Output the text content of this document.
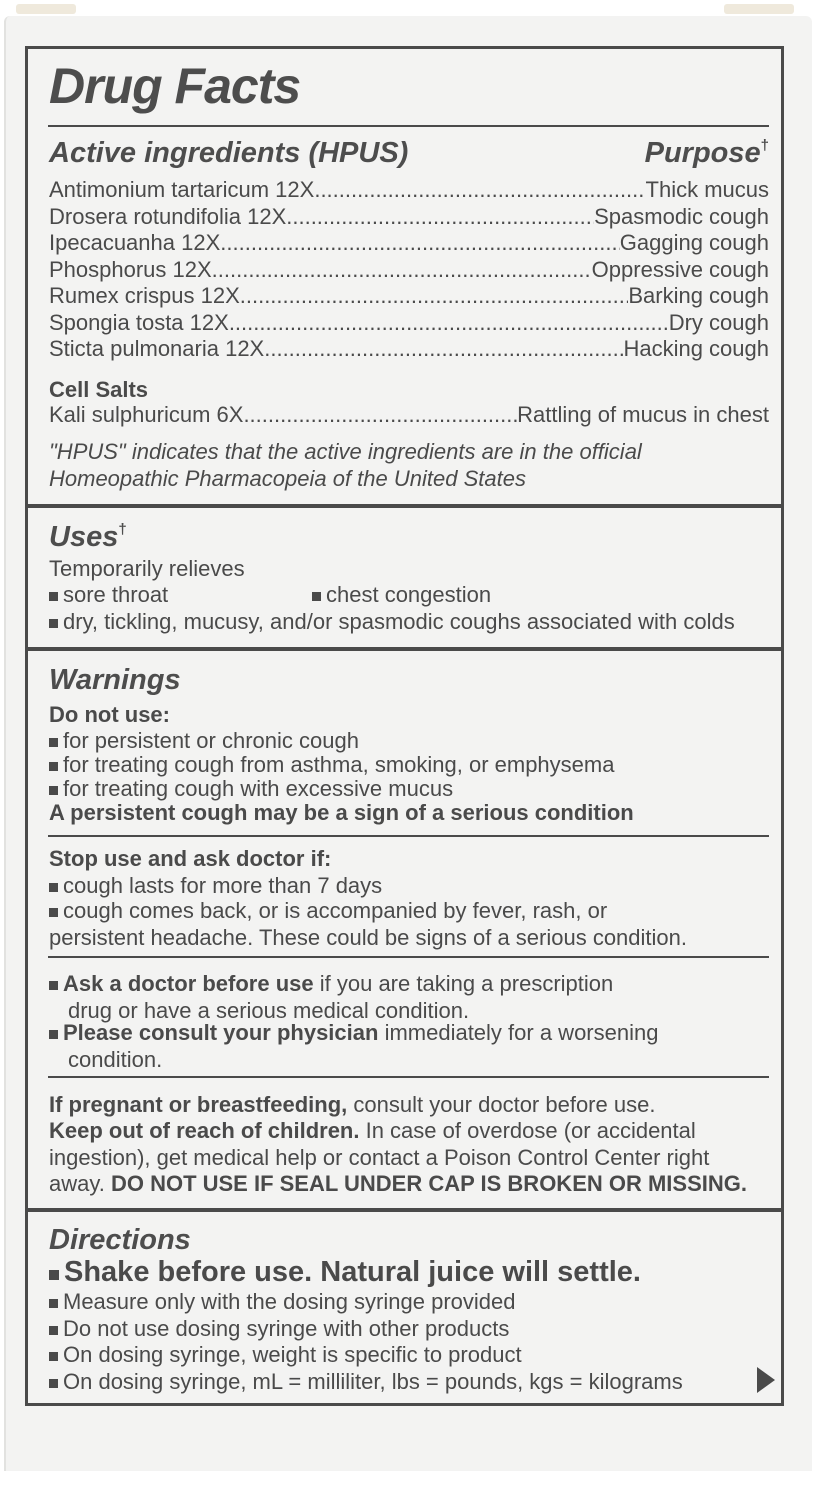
Drug Facts
Active ingredients (HPUS)	Purpose†
Antimonium tartaricum 12X .....	Thick mucus
Drosera rotundifolia 12X .....	Spasmodic cough
Ipecacuanha 12X .....	Gagging cough
Phosphorus 12X .....	Oppressive cough
Rumex crispus 12X .....	Barking cough
Spongia tosta 12X .....	Dry cough
Sticta pulmonaria 12X .....	Hacking cough
Cell Salts
Kali sulphuricum 6X .....	Rattling of mucus in chest
"HPUS" indicates that the active ingredients are in the official
Homeopathic Pharmacopeia of the United States
Uses†
Temporarily relieves
sore throat	chest congestion
dry, tickling, mucusy, and/or spasmodic coughs associated with colds
Warnings
Do not use:
for persistent or chronic cough
for treating cough from asthma, smoking, or emphysema
for treating cough with excessive mucus
A persistent cough may be a sign of a serious condition
Stop use and ask doctor if:
cough lasts for more than 7 days
cough comes back, or is accompanied by fever, rash, or
persistent headache. These could be signs of a serious condition.
Ask a doctor before use if you are taking a prescription
drug or have a serious medical condition.
Please consult your physician immediately for a worsening
condition.
If pregnant or breastfeeding, consult your doctor before use.
Keep out of reach of children. In case of overdose (or accidental
ingestion), get medical help or contact a Poison Control Center right
away. DO NOT USE IF SEAL UNDER CAP IS BROKEN OR MISSING.
Directions
Shake before use. Natural juice will settle.
Measure only with the dosing syringe provided
Do not use dosing syringe with other products
On dosing syringe, weight is specific to product
On dosing syringe, mL = milliliter, lbs = pounds, kgs = kilograms
